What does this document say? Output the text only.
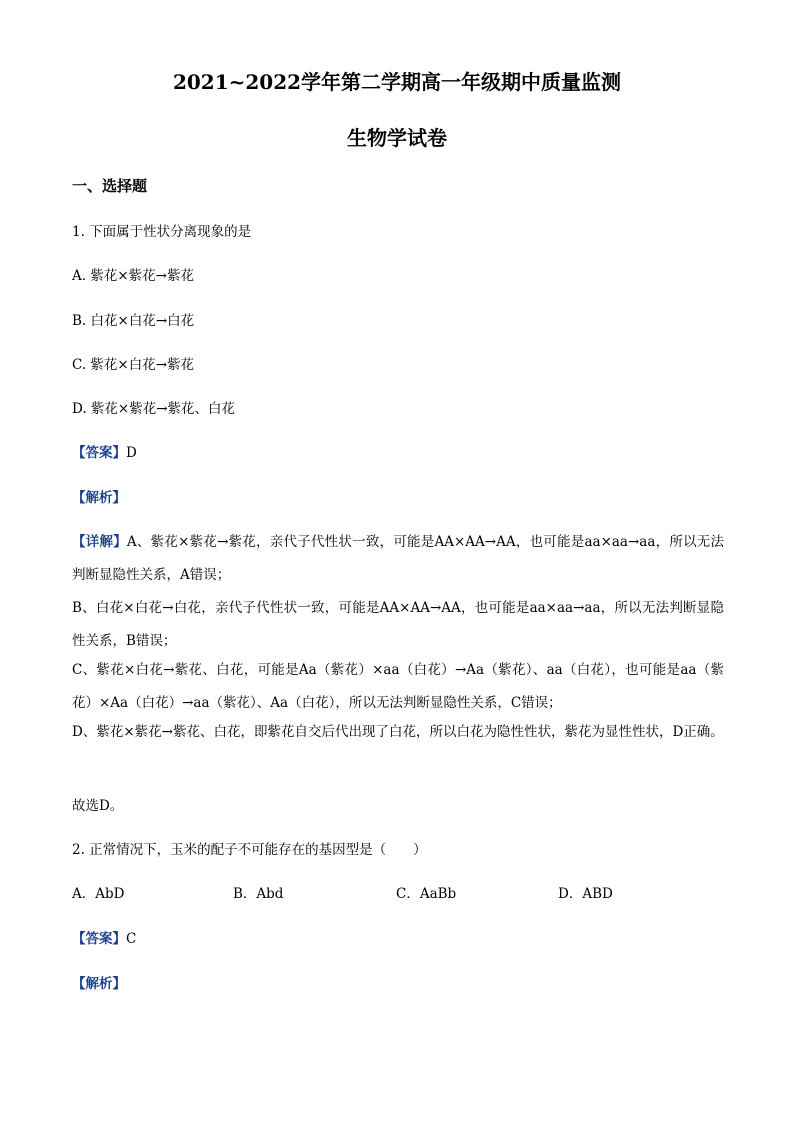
2021~2022学年第二学期高一年级期中质量监测
生物学试卷
一、选择题
1. 下面属于性状分离现象的是
A. 紫花×紫花→紫花
B. 白花×白花→白花
C. 紫花×白花→紫花
D. 紫花×紫花→紫花、白花
【答案】D
【解析】
【详解】A、紫花×紫花→紫花，亲代子代性状一致，可能是AA×AA→AA，也可能是aa×aa→aa，所以无法判断显隐性关系，A错误；
B、白花×白花→白花，亲代子代性状一致，可能是AA×AA→AA，也可能是aa×aa→aa，所以无法判断显隐性关系，B错误；
C、紫花×白花→紫花、白花，可能是Aa（紫花）×aa（白花）→Aa（紫花）、aa（白花），也可能是aa（紫花）×Aa（白花）→aa（紫花）、Aa（白花），所以无法判断显隐性关系，C错误；
D、紫花×紫花→紫花、白花，即紫花自交后代出现了白花，所以白花为隐性性状，紫花为显性性状，D正确。
故选D。
2. 正常情况下，玉米的配子不可能存在的基因型是（　　）
A．AbD	B．Abd	C．AaBb	D．ABD
【答案】C
【解析】
